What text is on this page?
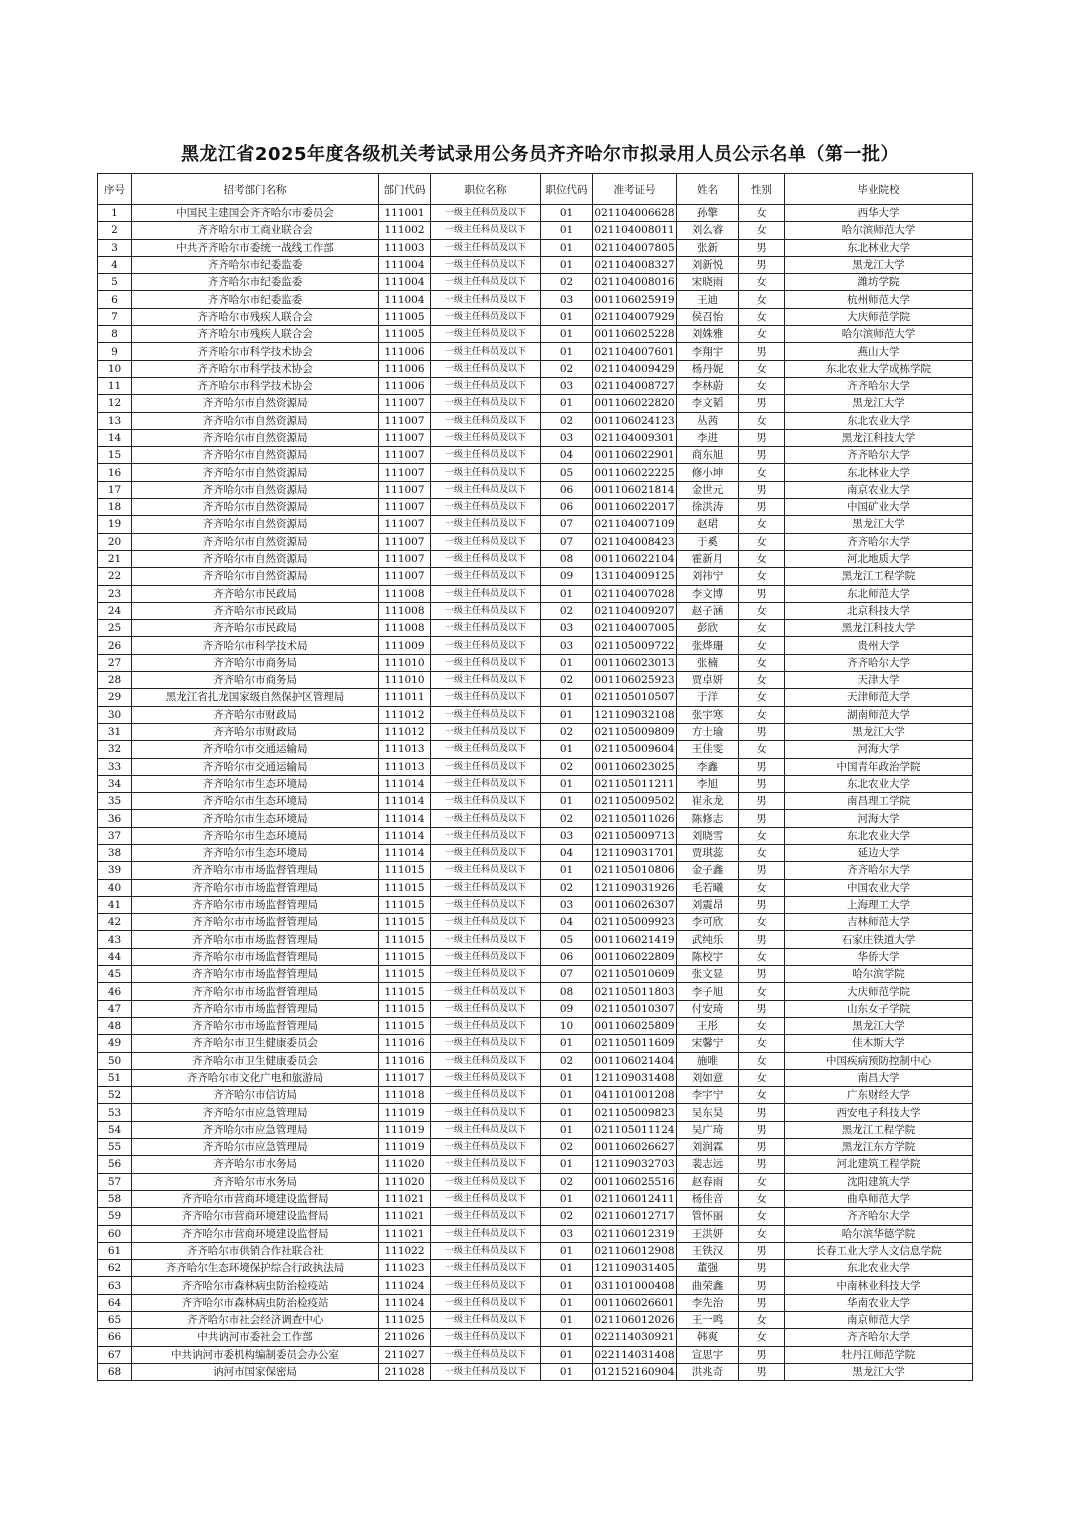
黑龙江省2025年度各级机关考试录用公务员齐齐哈尔市拟录用人员公示名单（第一批）
序号	招考部门名称	部门代码	职位名称	职位代码	准考证号	姓名	性别	毕业院校
1	中国民主建国会齐齐哈尔市委员会	111001	一级主任科员及以下	01	021104006628	孙擎	女	西华大学
2	齐齐哈尔市工商业联合会	111002	一级主任科员及以下	01	021104008011	刘么睿	女	哈尔滨师范大学
3	中共齐齐哈尔市委统一战线工作部	111003	一级主任科员及以下	01	021104007805	张新	男	东北林业大学
4	齐齐哈尔市纪委监委	111004	一级主任科员及以下	01	021104008327	刘新悦	男	黑龙江大学
5	齐齐哈尔市纪委监委	111004	一级主任科员及以下	02	021104008016	宋晓雨	女	潍坊学院
6	齐齐哈尔市纪委监委	111004	一级主任科员及以下	03	001106025919	王迪	女	杭州师范大学
7	齐齐哈尔市残疾人联合会	111005	一级主任科员及以下	01	021104007929	侯召怡	女	大庆师范学院
8	齐齐哈尔市残疾人联合会	111005	一级主任科员及以下	01	001106025228	刘姝雅	女	哈尔滨师范大学
9	齐齐哈尔市科学技术协会	111006	一级主任科员及以下	01	021104007601	李翔宇	男	燕山大学
10	齐齐哈尔市科学技术协会	111006	一级主任科员及以下	02	021104009429	杨丹妮	女	东北农业大学成栋学院
11	齐齐哈尔市科学技术协会	111006	一级主任科员及以下	03	021104008727	李林蔚	女	齐齐哈尔大学
12	齐齐哈尔市自然资源局	111007	一级主任科员及以下	01	001106022820	李文韬	男	黑龙江大学
13	齐齐哈尔市自然资源局	111007	一级主任科员及以下	02	001106024123	丛茜	女	东北农业大学
14	齐齐哈尔市自然资源局	111007	一级主任科员及以下	03	021104009301	李进	男	黑龙江科技大学
15	齐齐哈尔市自然资源局	111007	一级主任科员及以下	04	001106022901	商东旭	男	齐齐哈尔大学
16	齐齐哈尔市自然资源局	111007	一级主任科员及以下	05	001106022225	修小坤	女	东北林业大学
17	齐齐哈尔市自然资源局	111007	一级主任科员及以下	06	001106021814	金世元	男	南京农业大学
18	齐齐哈尔市自然资源局	111007	一级主任科员及以下	06	001106022017	徐洪涛	男	中国矿业大学
19	齐齐哈尔市自然资源局	111007	一级主任科员及以下	07	021104007109	赵珺	女	黑龙江大学
20	齐齐哈尔市自然资源局	111007	一级主任科员及以下	07	021104008423	于奚	女	齐齐哈尔大学
21	齐齐哈尔市自然资源局	111007	一级主任科员及以下	08	001106022104	霍新月	女	河北地质大学
22	齐齐哈尔市自然资源局	111007	一级主任科员及以下	09	131104009125	刘祎宁	女	黑龙江工程学院
23	齐齐哈尔市民政局	111008	一级主任科员及以下	01	021104007028	李文博	男	东北师范大学
24	齐齐哈尔市民政局	111008	一级主任科员及以下	02	021104009207	赵子涵	女	北京科技大学
25	齐齐哈尔市民政局	111008	一级主任科员及以下	03	021104007005	彭欣	女	黑龙江科技大学
26	齐齐哈尔市科学技术局	111009	一级主任科员及以下	03	021105009722	张烨珊	女	贵州大学
27	齐齐哈尔市商务局	111010	一级主任科员及以下	01	001106023013	张楠	女	齐齐哈尔大学
28	齐齐哈尔市商务局	111010	一级主任科员及以下	02	001106025923	贾卓妍	女	天津大学
29	黑龙江省扎龙国家级自然保护区管理局	111011	一级主任科员及以下	01	021105010507	于洋	女	天津师范大学
30	齐齐哈尔市财政局	111012	一级主任科员及以下	01	121109032108	张宇寒	女	湖南师范大学
31	齐齐哈尔市财政局	111012	一级主任科员及以下	02	021105009809	方士瑜	男	黑龙江大学
32	齐齐哈尔市交通运输局	111013	一级主任科员及以下	01	021105009604	王佳雯	女	河海大学
33	齐齐哈尔市交通运输局	111013	一级主任科员及以下	02	001106023025	李鑫	男	中国青年政治学院
34	齐齐哈尔市生态环境局	111014	一级主任科员及以下	01	021105011211	李旭	男	东北农业大学
35	齐齐哈尔市生态环境局	111014	一级主任科员及以下	01	021105009502	崔永龙	男	南昌理工学院
36	齐齐哈尔市生态环境局	111014	一级主任科员及以下	02	021105011026	陈修志	男	河海大学
37	齐齐哈尔市生态环境局	111014	一级主任科员及以下	03	021105009713	刘晓雪	女	东北农业大学
38	齐齐哈尔市生态环境局	111014	一级主任科员及以下	04	121109031701	贾琪蕊	女	延边大学
39	齐齐哈尔市市场监督管理局	111015	一级主任科员及以下	01	021105010806	金子鑫	男	齐齐哈尔大学
40	齐齐哈尔市市场监督管理局	111015	一级主任科员及以下	02	121109031926	毛若曦	女	中国农业大学
41	齐齐哈尔市市场监督管理局	111015	一级主任科员及以下	03	001106026307	刘震昂	男	上海理工大学
42	齐齐哈尔市市场监督管理局	111015	一级主任科员及以下	04	021105009923	李可欣	女	吉林师范大学
43	齐齐哈尔市市场监督管理局	111015	一级主任科员及以下	05	001106021419	武纯乐	男	石家庄铁道大学
44	齐齐哈尔市市场监督管理局	111015	一级主任科员及以下	06	001106022809	陈校宇	女	华侨大学
45	齐齐哈尔市市场监督管理局	111015	一级主任科员及以下	07	021105010609	张文显	男	哈尔滨学院
46	齐齐哈尔市市场监督管理局	111015	一级主任科员及以下	08	021105011803	李子旭	女	大庆师范学院
47	齐齐哈尔市市场监督管理局	111015	一级主任科员及以下	09	021105010307	付安琦	男	山东女子学院
48	齐齐哈尔市市场监督管理局	111015	一级主任科员及以下	10	001106025809	王彤	女	黑龙江大学
49	齐齐哈尔市卫生健康委员会	111016	一级主任科员及以下	01	021105011609	宋馨宁	女	佳木斯大学
50	齐齐哈尔市卫生健康委员会	111016	一级主任科员及以下	02	001106021404	施唯	女	中国疾病预防控制中心
51	齐齐哈尔市文化广电和旅游局	111017	一级主任科员及以下	01	121109031408	刘如意	女	南昌大学
52	齐齐哈尔市信访局	111018	一级主任科员及以下	01	041101001208	李宇宁	女	广东财经大学
53	齐齐哈尔市应急管理局	111019	一级主任科员及以下	01	021105009823	吴东昊	男	西安电子科技大学
54	齐齐哈尔市应急管理局	111019	一级主任科员及以下	01	021105011124	吴广琦	男	黑龙江工程学院
55	齐齐哈尔市应急管理局	111019	一级主任科员及以下	02	001106026627	刘润霖	男	黑龙江东方学院
56	齐齐哈尔市水务局	111020	一级主任科员及以下	01	121109032703	裴志远	男	河北建筑工程学院
57	齐齐哈尔市水务局	111020	一级主任科员及以下	02	001106025516	赵春雨	女	沈阳建筑大学
58	齐齐哈尔市营商环境建设监督局	111021	一级主任科员及以下	01	021106012411	杨佳音	女	曲阜师范大学
59	齐齐哈尔市营商环境建设监督局	111021	一级主任科员及以下	02	021106012717	管怀丽	女	齐齐哈尔大学
60	齐齐哈尔市营商环境建设监督局	111021	一级主任科员及以下	03	021106012319	王洪妍	女	哈尔滨华德学院
61	齐齐哈尔市供销合作社联合社	111022	一级主任科员及以下	01	021106012908	王铁汉	男	长春工业大学人文信息学院
62	齐齐哈尔生态环境保护综合行政执法局	111023	一级主任科员及以下	01	121109031405	董强	男	东北农业大学
63	齐齐哈尔市森林病虫防治检疫站	111024	一级主任科员及以下	01	031101000408	曲荣鑫	男	中南林业科技大学
64	齐齐哈尔市森林病虫防治检疫站	111024	一级主任科员及以下	01	001106026601	李先治	男	华南农业大学
65	齐齐哈尔市社会经济调查中心	111025	一级主任科员及以下	01	021106012026	王一鸣	女	南京师范大学
66	中共讷河市委社会工作部	211026	一级主任科员及以下	01	022114030921	韩爽	女	齐齐哈尔大学
67	中共讷河市委机构编制委员会办公室	211027	一级主任科员及以下	01	022114031408	宣思宇	男	牡丹江师范学院
68	讷河市国家保密局	211028	一级主任科员及以下	01	012152160904	洪兆奇	男	黑龙江大学
